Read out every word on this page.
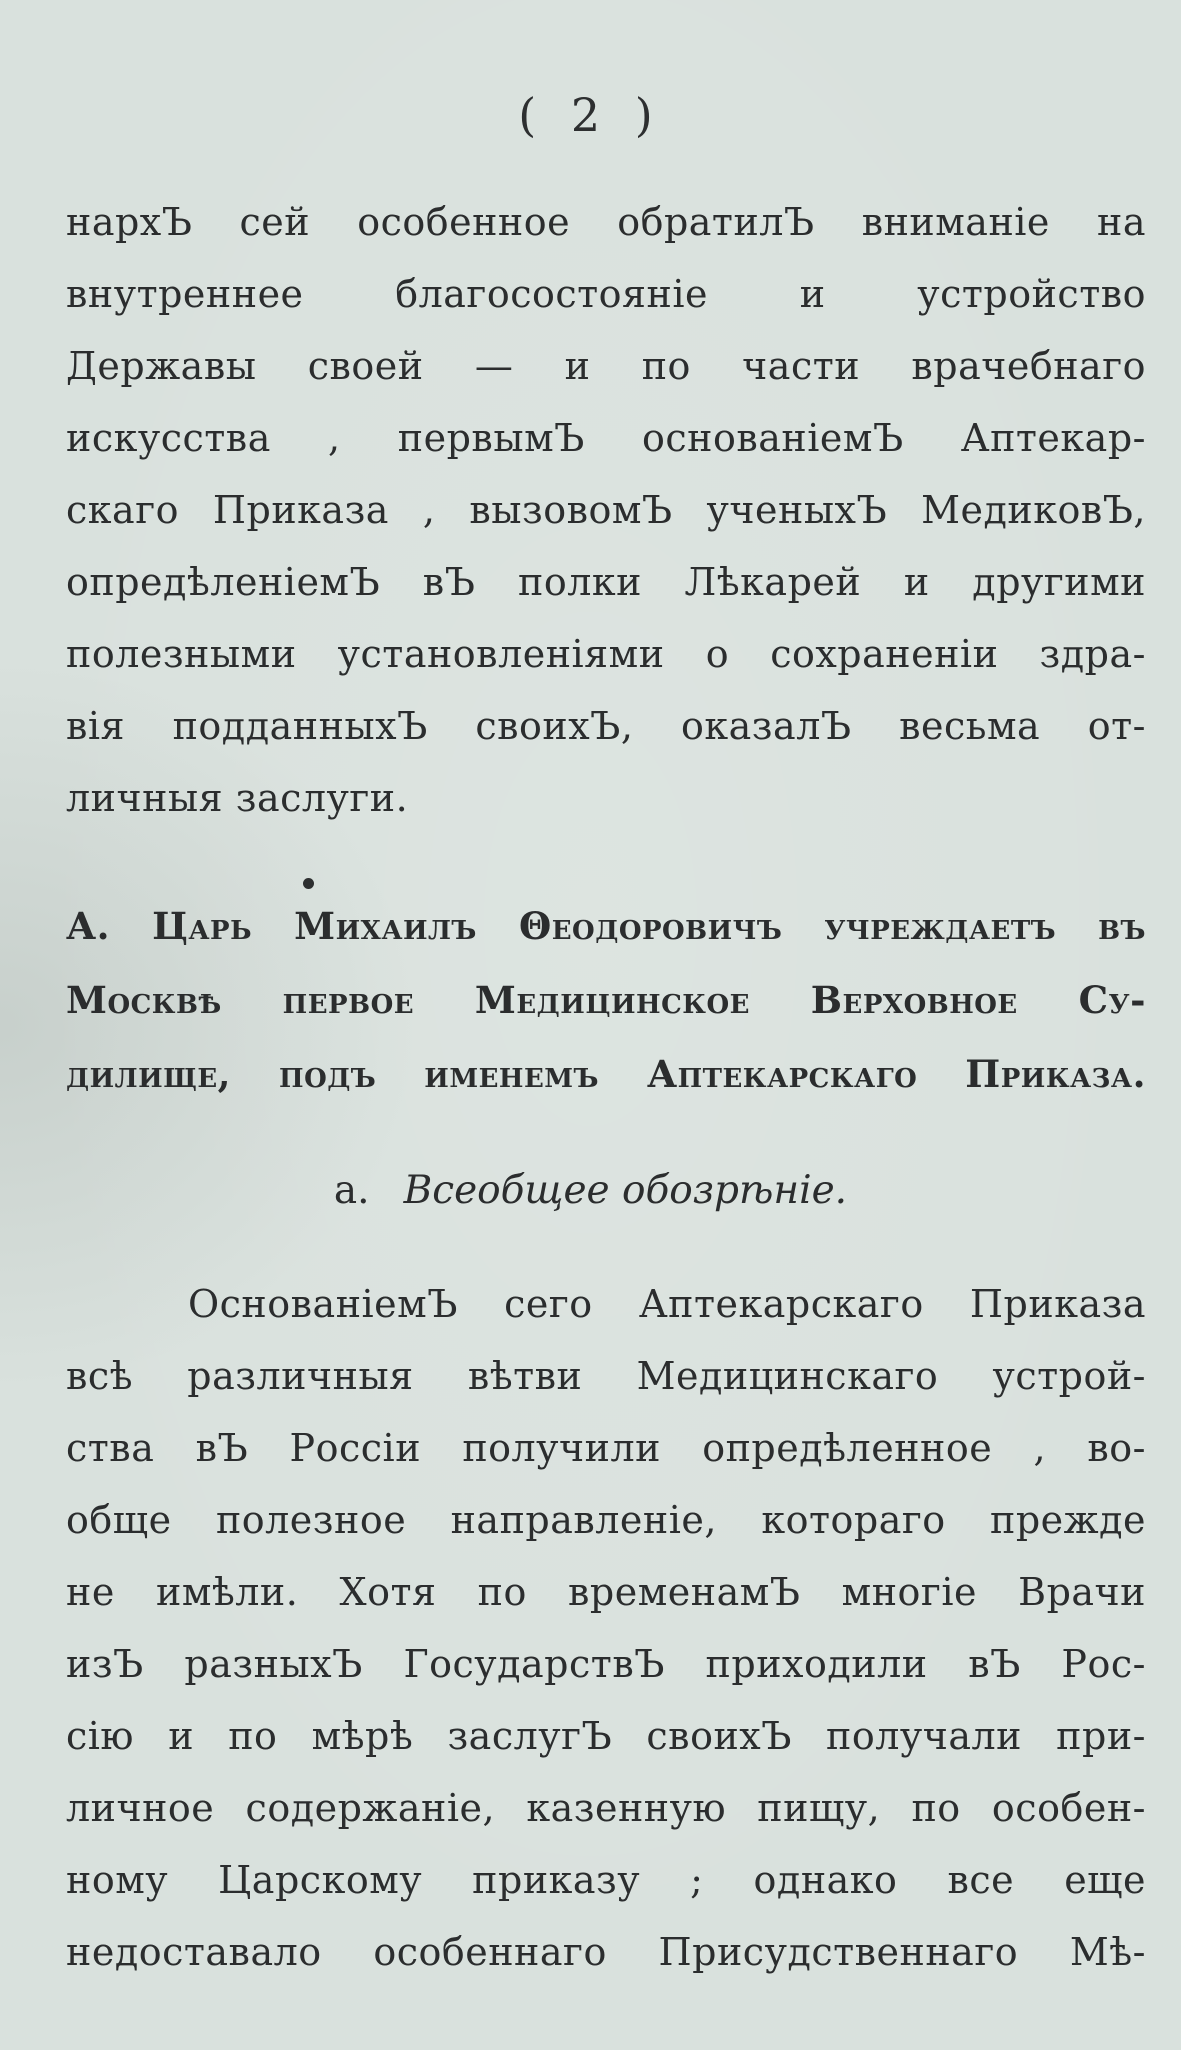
( 2 )
нархЪ сей особенное обратилЪ вниманіе на
внутреннее благосостояніе и устройство
Державы своей — и по части врачебнаго
искусства , первымЪ основаніемЪ Аптекар-
скаго Приказа , вызовомЪ ученыхЪ МедиковЪ,
опредѣленіемЪ вЪ полки Лѣкарей и другими
полезными установленіями о сохраненіи здра-
вія подданныхЪ своихЪ, оказалЪ весьма от-
личныя заслуги.
А. Царь Михаилъ Θеодоровичъ учреждаетъ въ
Москвѣ первое Медицинское Верховное Су-
дилище, подъ именемъ Аптекарскаго Приказа.
а. Всеобщее обозрѣніе.
ОснованіемЪ сего Аптекарскаго Приказа
всѣ различныя вѣтви Медицинскаго устрой-
ства вЪ Россіи получили опредѣленное , во-
обще полезное направленіе, котораго прежде
не имѣли. Хотя по временамЪ многіе Врачи
изЪ разныхЪ ГосударствЪ приходили вЪ Рос-
сію и по мѣрѣ заслугЪ своихЪ получали при-
личное содержаніе, казенную пищу, по особен-
ному Царскому приказу ; однако все еще
недоставало особеннаго Присудственнаго Мѣ-
